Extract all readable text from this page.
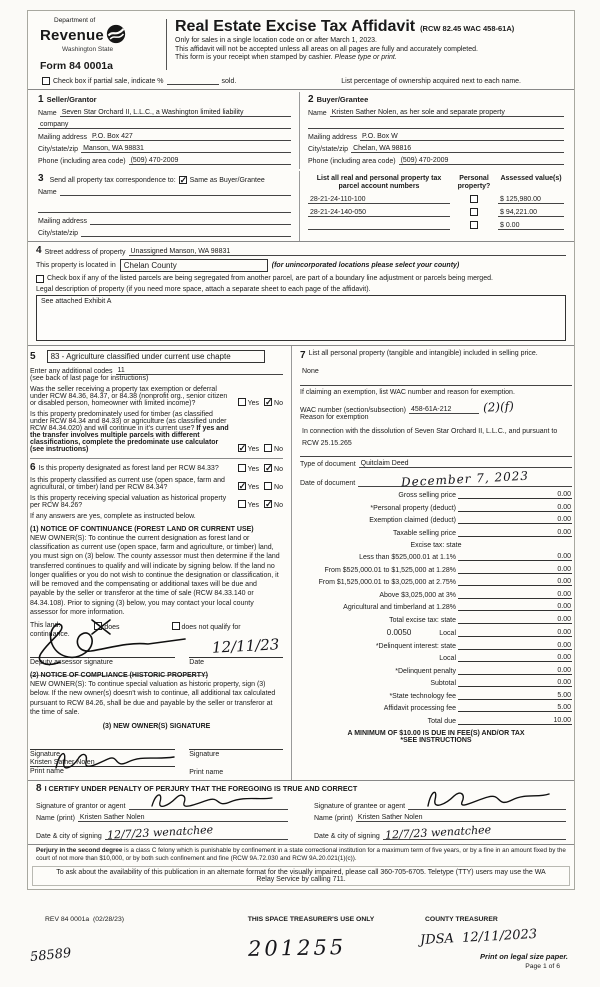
Department of
Revenue
Washington State
Form 84 0001a
Real Estate Excise Tax Affidavit (RCW 82.45 WAC 458-61A)
Only for sales in a single location code on or after March 1, 2023.
This affidavit will not be accepted unless all areas on all pages are fully and accurately completed.
This form is your receipt when stamped by cashier. Please type or print.
Check box if partial sale, indicate %	sold.	List percentage of ownership acquired next to each name.
1 Seller/Grantor
Name Seven Star Orchard II, L.L.C., a Washington limited liability
company
Mailing address P.O. Box 427
City/state/zip Manson, WA 98831
Phone (including area code) (509) 470-2009
2 Buyer/Grantee
Name Kristen Sather Nolen, as her sole and separate property
Mailing address P.O. Box W
City/state/zip Chelan, WA 98816
Phone (including area code) (509) 470-2009
3 Send all property tax correspondence to: ✓ Same as Buyer/Grantee
Name
Mailing address
City/state/zip
List all real and personal property tax parcel account numbers
Personal property?
Assessed value(s)
28-21-24-110-100	$ 125,980.00
28-21-24-140-050	$ 94,221.00
$ 0.00
4 Street address of property Unassigned Manson, WA 98831
This property is located in	Chelan County	(for unincorporated locations please select your county)
Check box if any of the listed parcels are being segregated from another parcel, are part of a boundary line adjustment or parcels being merged.
Legal description of property (if you need more space, attach a separate sheet to each page of the affidavit).
See attached Exhibit A
5	83 - Agriculture classified under current use chapte
Enter any additional codes 11
(see back of last page for instructions)
Was the seller receiving a property tax exemption or deferral under RCW 84.36, 84.37, or 84.38 (nonprofit org., senior citizen or disabled person, homeowner with limited income)?	Yes ✓ No
Is this property predominately used for timber (as classified under RCW 84.34 and 84.33) or agriculture (as classified under RCW 84.34.020) and will continue in it's current use? If yes and the transfer involves multiple parcels with different classifications, complete the predominate use calculator (see instructions) ✓	Yes No
6 Is this property designated as forest land per RCW 84.33?	Yes ✓ No
Is this property classified as current use (open space, farm and agricultural, or timber) land per RCW 84.34? ✓	Yes No
Is this property receiving special valuation as historical property per RCW 84.26?	Yes ✓ No
If any answers are yes, complete as instructed below.
(1) NOTICE OF CONTINUANCE (FOREST LAND OR CURRENT USE)
NEW OWNER(S): To continue the current designation as forest land or classification as current use (open space, farm and agriculture, or timber) land, you must sign on (3) below. The county assessor must then determine if the land transferred continues to qualify and will indicate by signing below. If the land no longer qualifies or you do not wish to continue the designation or classification, it will be removed and the compensating or additional taxes will be due and payable by the seller or transferor at the time of sale (RCW 84.33.140 or 84.34.108). Prior to signing (3) below, you may contact your local county assessor for more information.
This land:	does	does not qualify for
continuance.
Deputy assessor signature
12/11/23
Date
(2) NOTICE OF COMPLIANCE (HISTORIC PROPERTY)
NEW OWNER(S): To continue special valuation as historic property, sign (3) below. If the new owner(s) doesn't wish to continue, all additional tax calculated pursuant to RCW 84.26, shall be due and payable by the seller or transferor at the time of sale.
(3) NEW OWNER(S) SIGNATURE
Signature
Kristen Sather Nolen
Print name
Signature
Print name
7 List all personal property (tangible and intangible) included in selling price.
None
If claiming an exemption, list WAC number and reason for exemption.
WAC number (section/subsection) 458-61A-212	(2)(f)
Reason for exemption
In connection with the dissolution of Seven Star Orchard II, L.L.C., and pursuant to RCW 25.15.265
Type of document Quitclaim Deed
Date of document	December 7, 2023
Gross selling price	0.00
*Personal property (deduct)	0.00
Exemption claimed (deduct)	0.00
Taxable selling price	0.00
Excise tax: state
Less than $525,000.01 at 1.1%	0.00
From $525,000.01 to $1,525,000 at 1.28%	0.00
From $1,525,000.01 to $3,025,000 at 2.75%	0.00
Above $3,025,000 at 3%	0.00
Agricultural and timberland at 1.28%	0.00
Total excise tax: state	0.00
0.0050	Local	0.00
*Delinquent interest: state	0.00
Local	0.00
*Delinquent penalty	0.00
Subtotal	0.00
*State technology fee	5.00
Affidavit processing fee	5.00
Total due	10.00
A MINIMUM OF $10.00 IS DUE IN FEE(S) AND/OR TAX
*SEE INSTRUCTIONS
8 I CERTIFY UNDER PENALTY OF PERJURY THAT THE FOREGOING IS TRUE AND CORRECT
Signature of grantor or agent
Name (print) Kristen Sather Nolen
Date & city of signing 12/7/23 wenatchee
Signature of grantee or agent
Name (print) Kristen Sather Nolen
Date & city of signing 12/7/23 wenatchee
Perjury in the second degree is a class C felony which is punishable by confinement in a state correctional institution for a maximum term of five years, or by a fine in an amount fixed by the court of not more than $10,000, or by both such confinement and fine (RCW 9A.72.030 and RCW 9A.20.021(1)(c)).
To ask about the availability of this publication in an alternate format for the visually impaired, please call 360-705-6705. Teletype (TTY) users may use the WA Relay Service by calling 711.
REV 84 0001a (02/28/23)	THIS SPACE TREASURER'S USE ONLY	COUNTY TREASURER
201255	JDSA 12/11/2023
Print on legal size paper.
Page 1 of 6
58589
